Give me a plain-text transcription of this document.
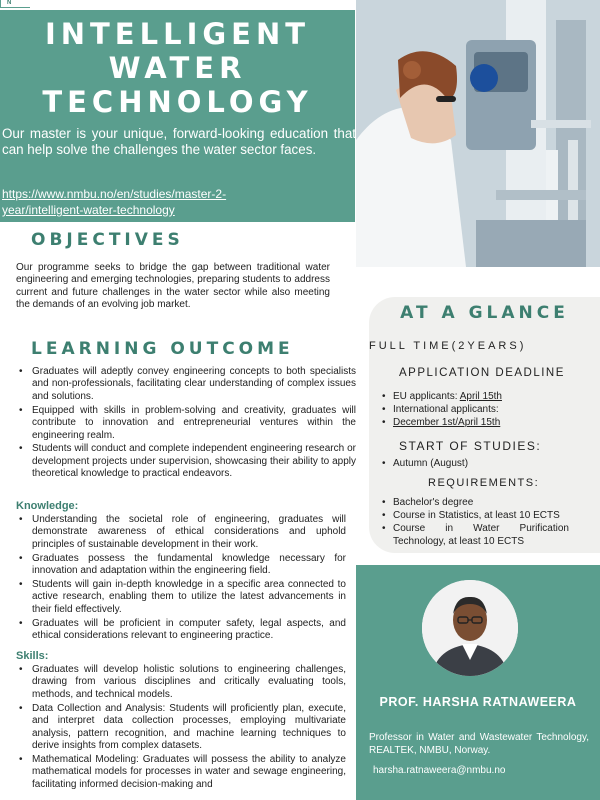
N
INTELLIGENT
WATER
TECHNOLOGY
Our master is your unique, forward-looking education that can help solve the challenges the water sector faces.
https://www.nmbu.no/en/studies/master-2-
year/intelligent-water-technology
OBJECTIVES
Our programme seeks to bridge the gap between traditional water engineering and emerging technologies, preparing students to address current and future challenges in the water sector while also meeting the demands of an evolving job market.
LEARNING OUTCOME
• Graduates will adeptly convey engineering concepts to both specialists and non-professionals, facilitating clear understanding of complex issues and solutions.
• Equipped with skills in problem-solving and creativity, graduates will contribute to innovation and entrepreneurial ventures within the engineering realm.
• Students will conduct and complete independent engineering research or development projects under supervision, showcasing their ability to apply theoretical knowledge to practical endeavors.
Knowledge:
• Understanding the societal role of engineering, graduates will demonstrate awareness of ethical considerations and uphold principles of sustainable development in their work.
• Graduates possess the fundamental knowledge necessary for innovation and adaptation within the engineering field.
• Students will gain in-depth knowledge in a specific area connected to active research, enabling them to utilize the latest advancements in their field effectively.
• Graduates will be proficient in computer safety, legal aspects, and ethical considerations relevant to engineering practice.
Skills:
• Graduates will develop holistic solutions to engineering challenges, drawing from various disciplines and critically evaluating tools, methods, and technical models.
• Data Collection and Analysis: Students will proficiently plan, execute, and interpret data collection processes, employing multivariate analysis, pattern recognition, and machine learning techniques to derive insights from complex datasets.
• Mathematical Modeling: Graduates will possess the ability to analyze mathematical models for processes in water and sewage engineering, facilitating informed decision-making and
AT A GLANCE
FULL TIME(2YEARS)
APPLICATION DEADLINE
• EU applicants: April 15th
• International applicants:
• December 1st/April 15th
START OF STUDIES:
• Autumn (August)
REQUIREMENTS:
• Bachelor's degree
• Course in Statistics, at least 10 ECTS
• Course in Water Purification Technology, at least 10 ECTS
PROF. HARSHA RATNAWEERA
Professor in Water and Wastewater Technology, REALTEK, NMBU, Norway.
harsha.ratnaweera@nmbu.no
